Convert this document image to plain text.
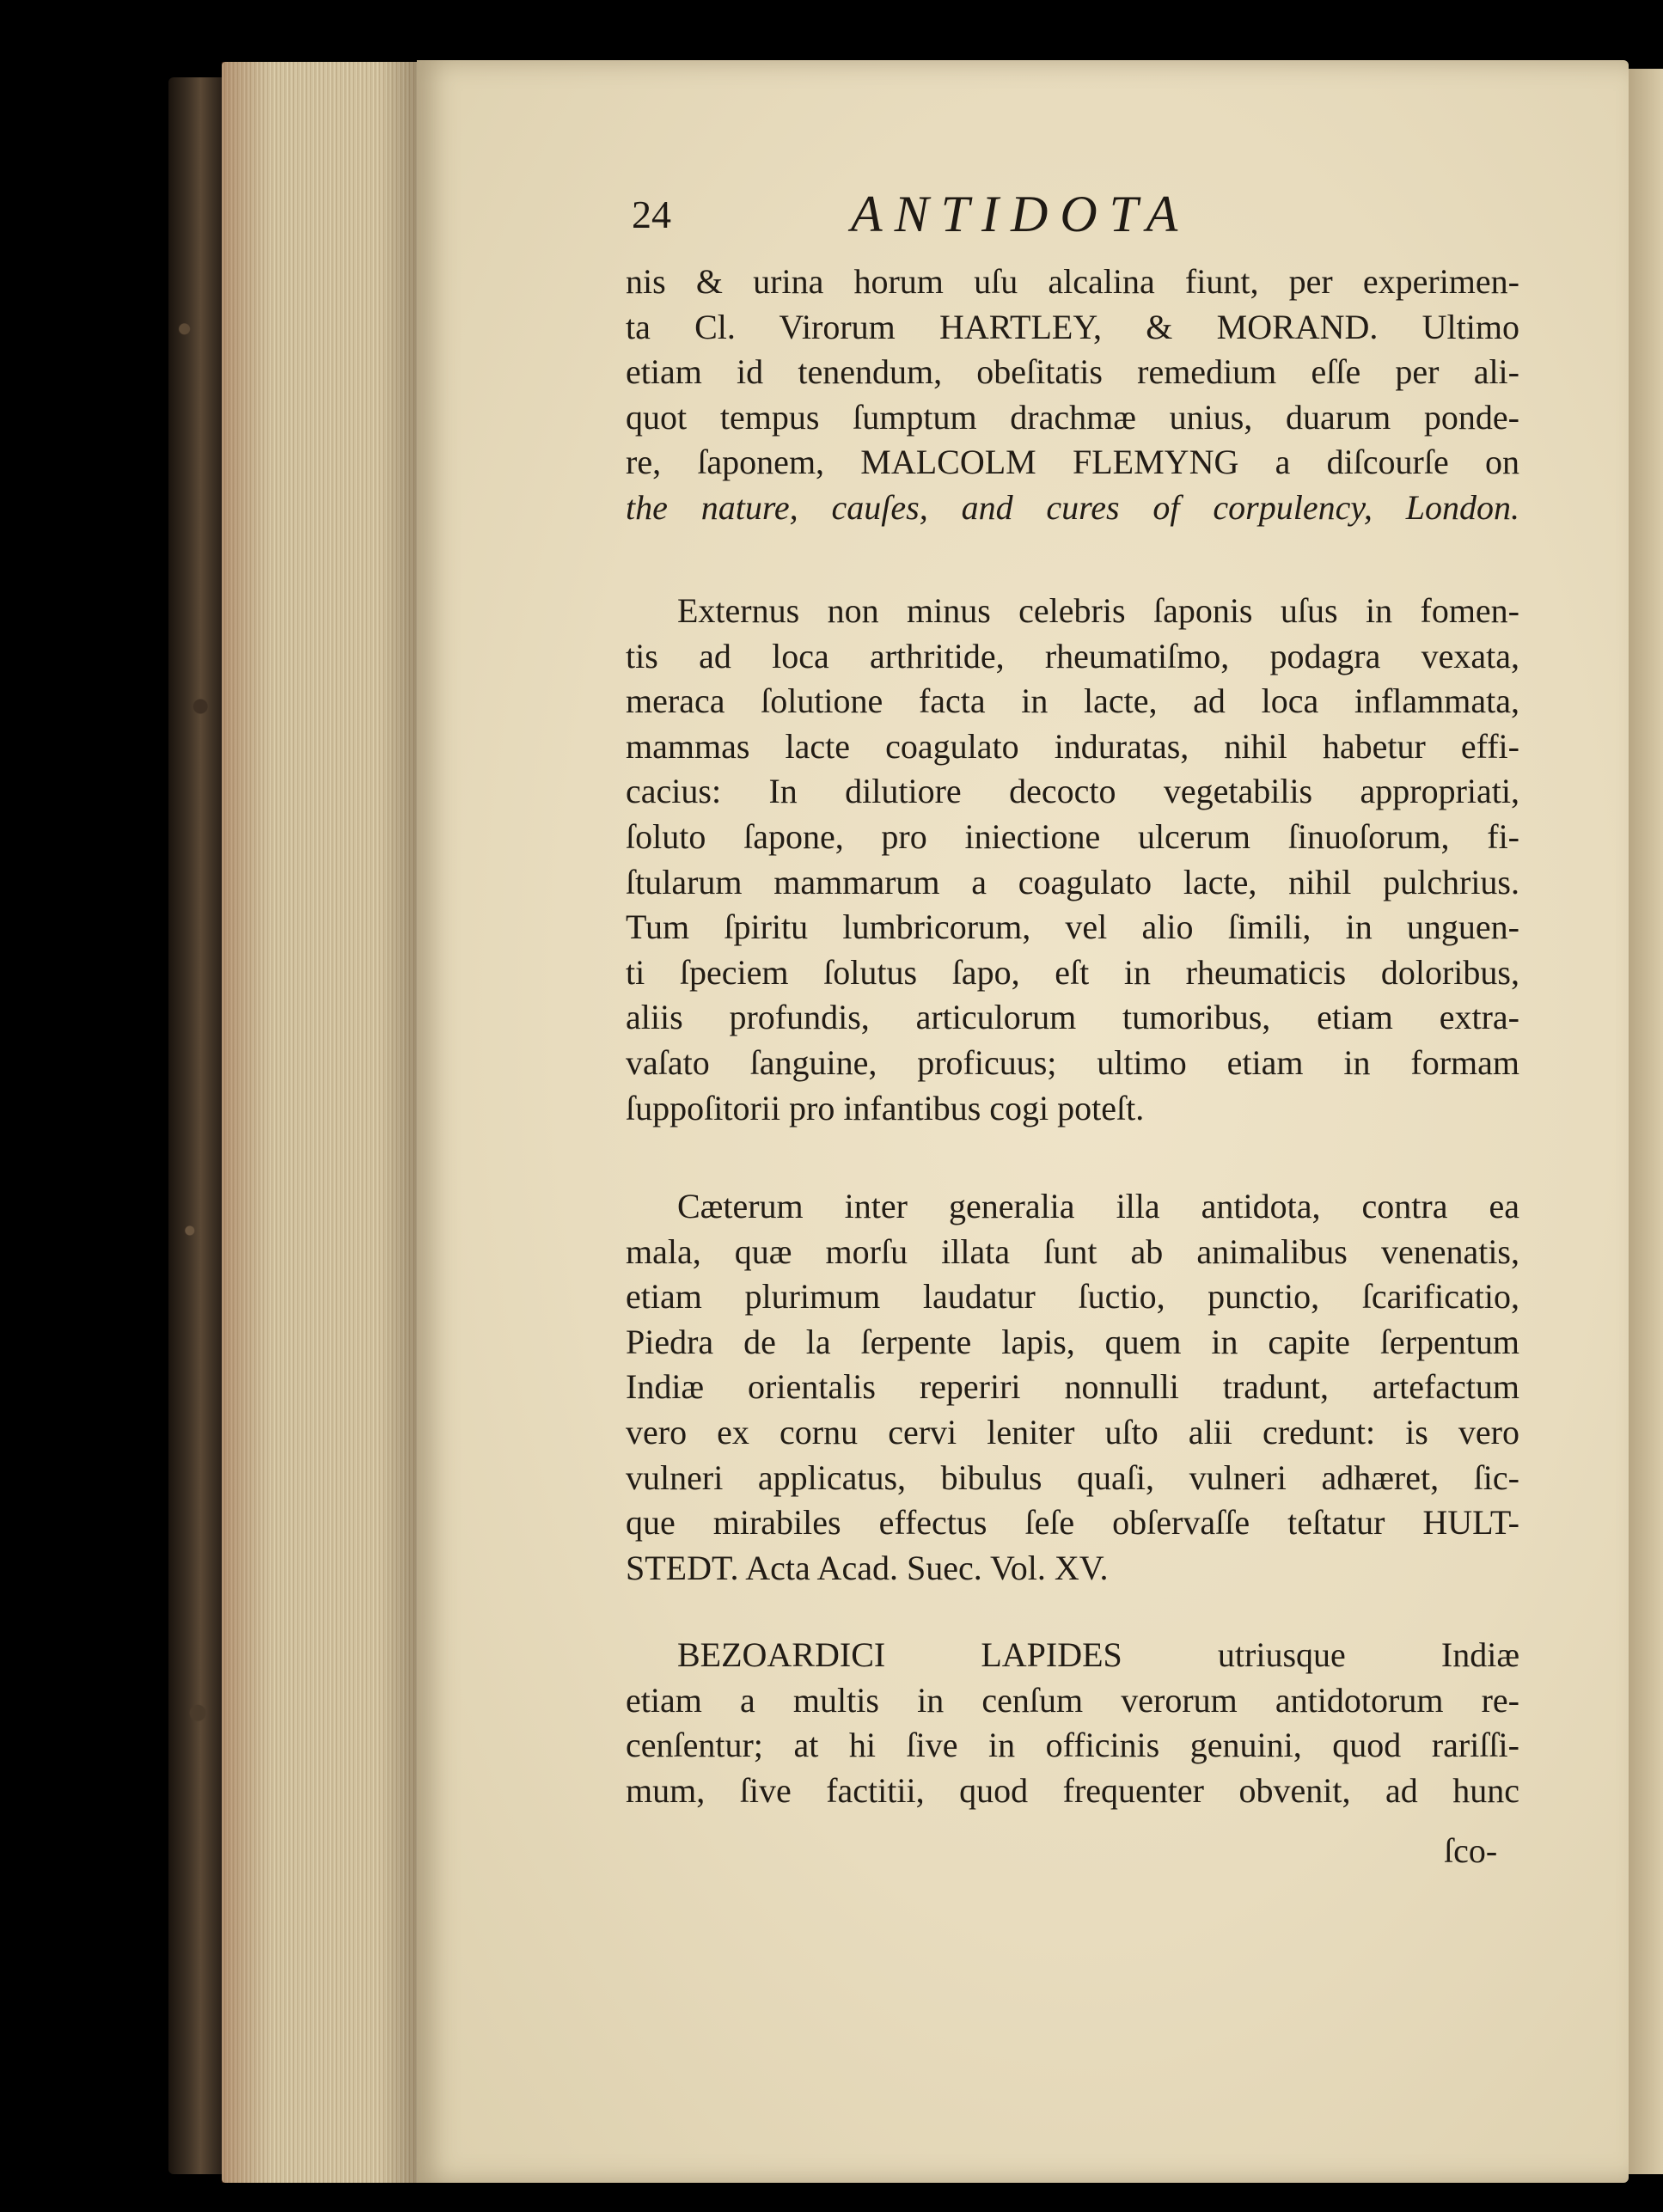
24	ANTIDOTA
nis & urina horum uſu alcalina fiunt, per experimen-
ta Cl. Virorum HARTLEY, & MORAND. Ultimo
etiam id tenendum, obeſitatis remedium eſſe per ali-
quot tempus ſumptum drachmæ unius, duarum ponde-
re, ſaponem, MALCOLM FLEMYNG a diſcourſe on
the nature, cauſes, and cures of corpulency, London.
Externus non minus celebris ſaponis uſus in fomen-
tis ad loca arthritide, rheumatiſmo, podagra vexata,
meraca ſolutione facta in lacte, ad loca inflammata,
mammas lacte coagulato induratas, nihil habetur effi-
cacius: In dilutiore decocto vegetabilis appropriati,
ſoluto ſapone, pro iniectione ulcerum ſinuoſorum, fi-
ſtularum mammarum a coagulato lacte, nihil pulchrius.
Tum ſpiritu lumbricorum, vel alio ſimili, in unguen-
ti ſpeciem ſolutus ſapo, eſt in rheumaticis doloribus,
aliis profundis, articulorum tumoribus, etiam extra-
vaſato ſanguine, proficuus; ultimo etiam in formam
ſuppoſitorii pro infantibus cogi poteſt.
Cæterum inter generalia illa antidota, contra ea
mala, quæ morſu illata ſunt ab animalibus venenatis,
etiam plurimum laudatur ſuctio, punctio, ſcarificatio,
Piedra de la ſerpente lapis, quem in capite ſerpentum
Indiæ orientalis reperiri nonnulli tradunt, artefactum
vero ex cornu cervi leniter uſto alii credunt: is vero
vulneri applicatus, bibulus quaſi, vulneri adhæret, ſic-
que mirabiles effectus ſeſe obſervaſſe teſtatur HULT-
STEDT. Acta Acad. Suec. Vol. XV.
BEZOARDICI LAPIDES utriusque Indiæ
etiam a multis in cenſum verorum antidotorum re-
cenſentur; at hi ſive in officinis genuini, quod rariſſi-
mum, ſive factitii, quod frequenter obvenit, ad hunc
ſco-
